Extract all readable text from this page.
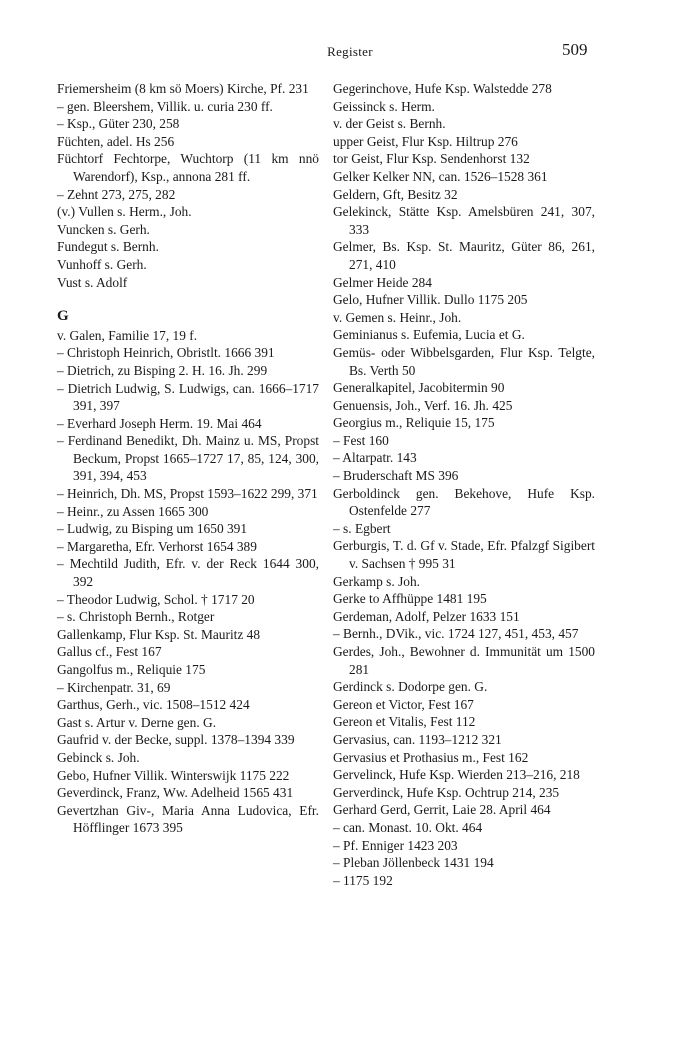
Register	509

Friemersheim (8 km sö Moers) Kirche, Pf. 231

– gen. Bleershem, Villik. u. curia 230 ff.

– Ksp., Güter 230, 258

Füchten, adel. Hs 256

Füchtorf Fechtorpe, Wuchtorp (11 km nnö Warendorf), Ksp., annona 281 ff.

– Zehnt 273, 275, 282

(v.) Vullen s. Herm., Joh.

Vuncken s. Gerh.

Fundegut s. Bernh.

Vunhoff s. Gerh.

Vust s. Adolf

G

v. Galen, Familie 17, 19 f.

– Christoph Heinrich, Obristlt. 1666 391

– Dietrich, zu Bisping 2. H. 16. Jh. 299

– Dietrich Ludwig, S. Ludwigs, can. 1666–1717 391, 397

– Everhard Joseph Herm. 19. Mai 464

– Ferdinand Benedikt, Dh. Mainz u. MS, Propst Beckum, Propst 1665–1727 17, 85, 124, 300, 391, 394, 453

– Heinrich, Dh. MS, Propst 1593–1622 299, 371

– Heinr., zu Assen 1665 300

– Ludwig, zu Bisping um 1650 391

– Margaretha, Efr. Verhorst 1654 389

– Mechtild Judith, Efr. v. der Reck 1644 300, 392

– Theodor Ludwig, Schol. † 1717 20

– s. Christoph Bernh., Rotger

Gallenkamp, Flur Ksp. St. Mauritz 48

Gallus cf., Fest 167

Gangolfus m., Reliquie 175

– Kirchenpatr. 31, 69

Garthus, Gerh., vic. 1508–1512 424

Gast s. Artur v. Derne gen. G.

Gaufrid v. der Becke, suppl. 1378–1394 339

Gebinck s. Joh.

Gebo, Hufner Villik. Winterswijk 1175 222

Geverdinck, Franz, Ww. Adelheid 1565 431

Gevertzhan Giv-, Maria Anna Ludovica, Efr. Höfflinger 1673 395

Gegerinchove, Hufe Ksp. Walstedde 278

Geissinck s. Herm.

v. der Geist s. Bernh.

upper Geist, Flur Ksp. Hiltrup 276

tor Geist, Flur Ksp. Sendenhorst 132

Gelker Kelker NN, can. 1526–1528 361

Geldern, Gft, Besitz 32

Gelekinck, Stätte Ksp. Amelsbüren 241, 307, 333

Gelmer, Bs. Ksp. St. Mauritz, Güter 86, 261, 271, 410

Gelmer Heide 284

Gelo, Hufner Villik. Dullo 1175 205

v. Gemen s. Heinr., Joh.

Geminianus s. Eufemia, Lucia et G.

Gemüs- oder Wibbelsgarden, Flur Ksp. Telgte, Bs. Verth 50

Generalkapitel, Jacobitermin 90

Genuensis, Joh., Verf. 16. Jh. 425

Georgius m., Reliquie 15, 175

– Fest 160

– Altarpatr. 143

– Bruderschaft MS 396

Gerboldinck gen. Bekehove, Hufe Ksp. Ostenfelde 277

– s. Egbert

Gerburgis, T. d. Gf v. Stade, Efr. Pfalzgf Sigibert v. Sachsen † 995 31

Gerkamp s. Joh.

Gerke to Affhüppe 1481 195

Gerdeman, Adolf, Pelzer 1633 151

– Bernh., DVik., vic. 1724 127, 451, 453, 457

Gerdes, Joh., Bewohner d. Immunität um 1500 281

Gerdinck s. Dodorpe gen. G.

Gereon et Victor, Fest 167

Gereon et Vitalis, Fest 112

Gervasius, can. 1193–1212 321

Gervasius et Prothasius m., Fest 162

Gervelinck, Hufe Ksp. Wierden 213–216, 218

Gerverdinck, Hufe Ksp. Ochtrup 214, 235

Gerhard Gerd, Gerrit, Laie 28. April 464

– can. Monast. 10. Okt. 464

– Pf. Enniger 1423 203

– Pleban Jöllenbeck 1431 194

– 1175 192
